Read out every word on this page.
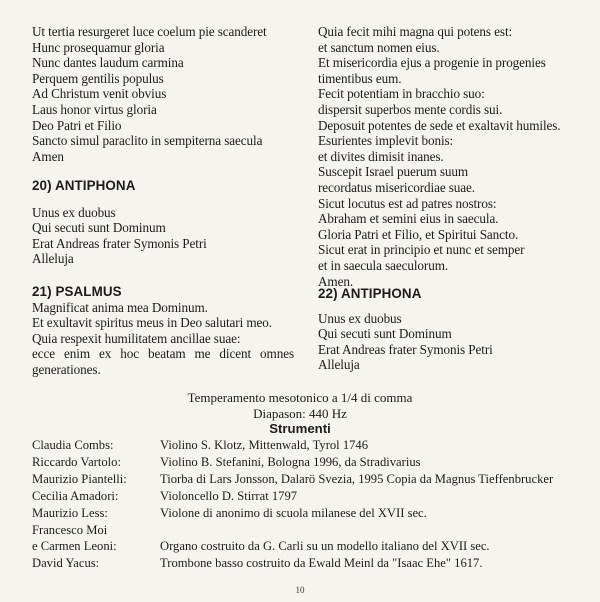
Ut tertia resurgeret luce coelum pie scanderet
Hunc prosequamur gloria
Nunc dantes laudum carmina
Perquem gentilis populus
Ad Christum venit obvius
Laus honor virtus gloria
Deo Patri et Filio
Sancto simul paraclito in sempiterna saecula
Amen
20) ANTIPHONA
Unus ex duobus
Qui secuti sunt Dominum
Erat Andreas frater Symonis Petri
Alleluja
21) PSALMUS
Magnificat anima mea Dominum.
Et exultavit spiritus meus in Deo salutari meo.
Quia respexit humilitatem ancillae suae:
ecce enim ex hoc beatam me dicent omnes
generationes.
Quia fecit mihi magna qui potens est:
et sanctum nomen eius.
Et misericordia ejus a progenie in progenies
timentibus eum.
Fecit potentiam in bracchio suo:
dispersit superbos mente cordis sui.
Deposuit potentes de sede et exaltavit humiles.
Esurientes implevit bonis:
et divites dimisit inanes.
Suscepit Israel puerum suum
recordatus misericordiae suae.
Sicut locutus est ad patres nostros:
Abraham et semini eius in saecula.
Gloria Patri et Filio, et Spiritui Sancto.
Sicut erat in principio et nunc et semper
et in saecula saeculorum.
Amen.
22) ANTIPHONA
Unus ex duobus
Qui secuti sunt Dominum
Erat Andreas frater Symonis Petri
Alleluja
Temperamento mesotonico a 1/4 di comma
Diapason: 440 Hz
Strumenti
Claudia Combs:	Violino S. Klotz, Mittenwald, Tyrol 1746
Riccardo Vartolo:	Violino B. Stefanini, Bologna 1996, da Stradivarius
Maurizio Piantelli:	Tiorba di Lars Jonsson, Dalarö Svezia, 1995 Copia da Magnus Tieffenbrucker
Cecilia Amadori:	Violoncello D. Stirrat 1797
Maurizio Less:	Violone di anonimo di scuola milanese del XVII sec.
Francesco Moi
e Carmen Leoni:	Organo costruito da G. Carli su un modello italiano del XVII sec.
David Yacus:	Trombone basso costruito da Ewald Meinl da "Isaac Ehe" 1617.
10
